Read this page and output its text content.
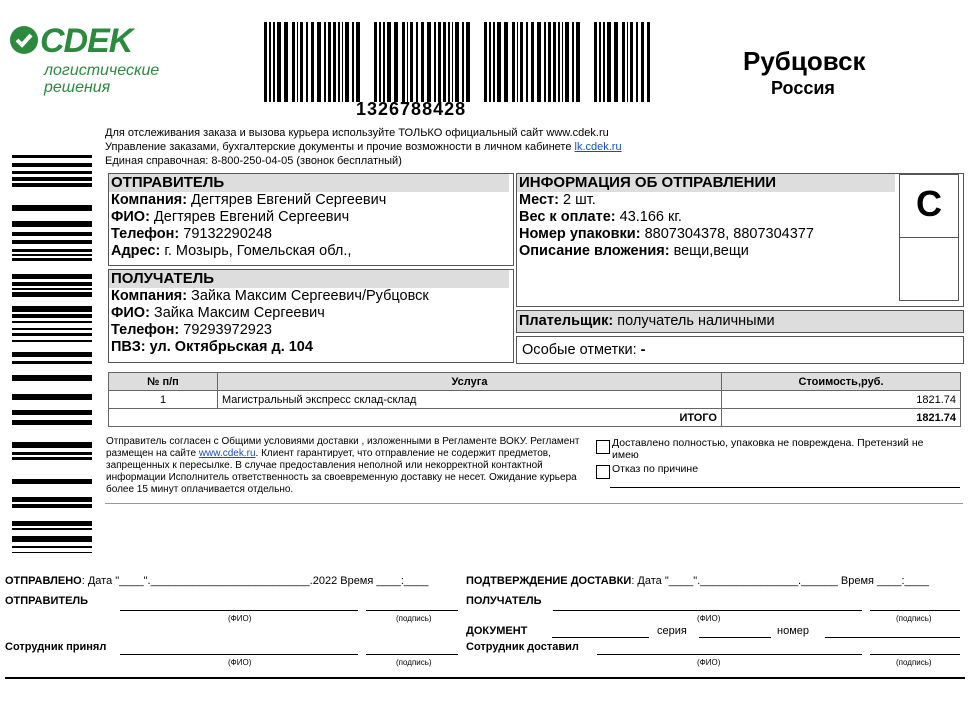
CDEK
логистические
решения
1326788428
Рубцовск
Россия
Для отслеживания заказа и вызова курьера используйте ТОЛЬКО официальный сайт www.cdek.ru
Управление заказами, бухгалтерские документы и прочие возможности в личном кабинете lk.cdek.ru
Единая справочная: 8-800-250-04-05 (звонок бесплатный)
ОТПРАВИТЕЛЬ
Компания: Дегтярев Евгений Сергеевич
ФИО: Дегтярев Евгений Сергеевич
Телефон: 79132290248
Адрес: г. Мозырь, Гомельская обл.,
ПОЛУЧАТЕЛЬ
Компания: Зайка Максим Сергеевич/Рубцовск
ФИО: Зайка Максим Сергеевич
Телефон: 79293972923
ПВЗ: ул. Октябрьская д. 104
ИНФОРМАЦИЯ ОБ ОТПРАВЛЕНИИ
Мест: 2 шт.
Вес к оплате: 43.166 кг.
Номер упаковки: 8807304378, 8807304377
Описание вложения: вещи,вещи
С
Плательщик: получатель наличными
Особые отметки: -
№ п/п	Услуга	Стоимость,руб.
1	Магистральный экспресс склад-склад	1821.74
ИТОГО		1821.74
Отправитель согласен с Общими условиями доставки , изложенными в Регламенте ВОКУ. Регламент
размещен на сайте www.cdek.ru. Клиент гарантирует, что отправление не содержит предметов,
запрещенных к пересылке. В случае предоставления неполной или некорректной контактной
информации Исполнитель ответственность за своевременную доставку не несет. Ожидание курьера
более 15 минут оплачивается отдельно.
Доставлено полностью, упаковка не повреждена. Претензий не
имею
Отказ по причине
ОТПРАВЛЕНО: Дата "____".__________________________.2022 Время ____:____
ОТПРАВИТЕЛЬ
(ФИО)	(подпись)
Сотрудник принял
(ФИО)	(подпись)
ПОДТВЕРЖДЕНИЕ ДОСТАВКИ: Дата "____".________________.______ Время ____:____
ПОЛУЧАТЕЛЬ
(ФИО)	(подпись)
ДОКУМЕНТ	серия	номер
Сотрудник доставил
(ФИО)	(подпись)
